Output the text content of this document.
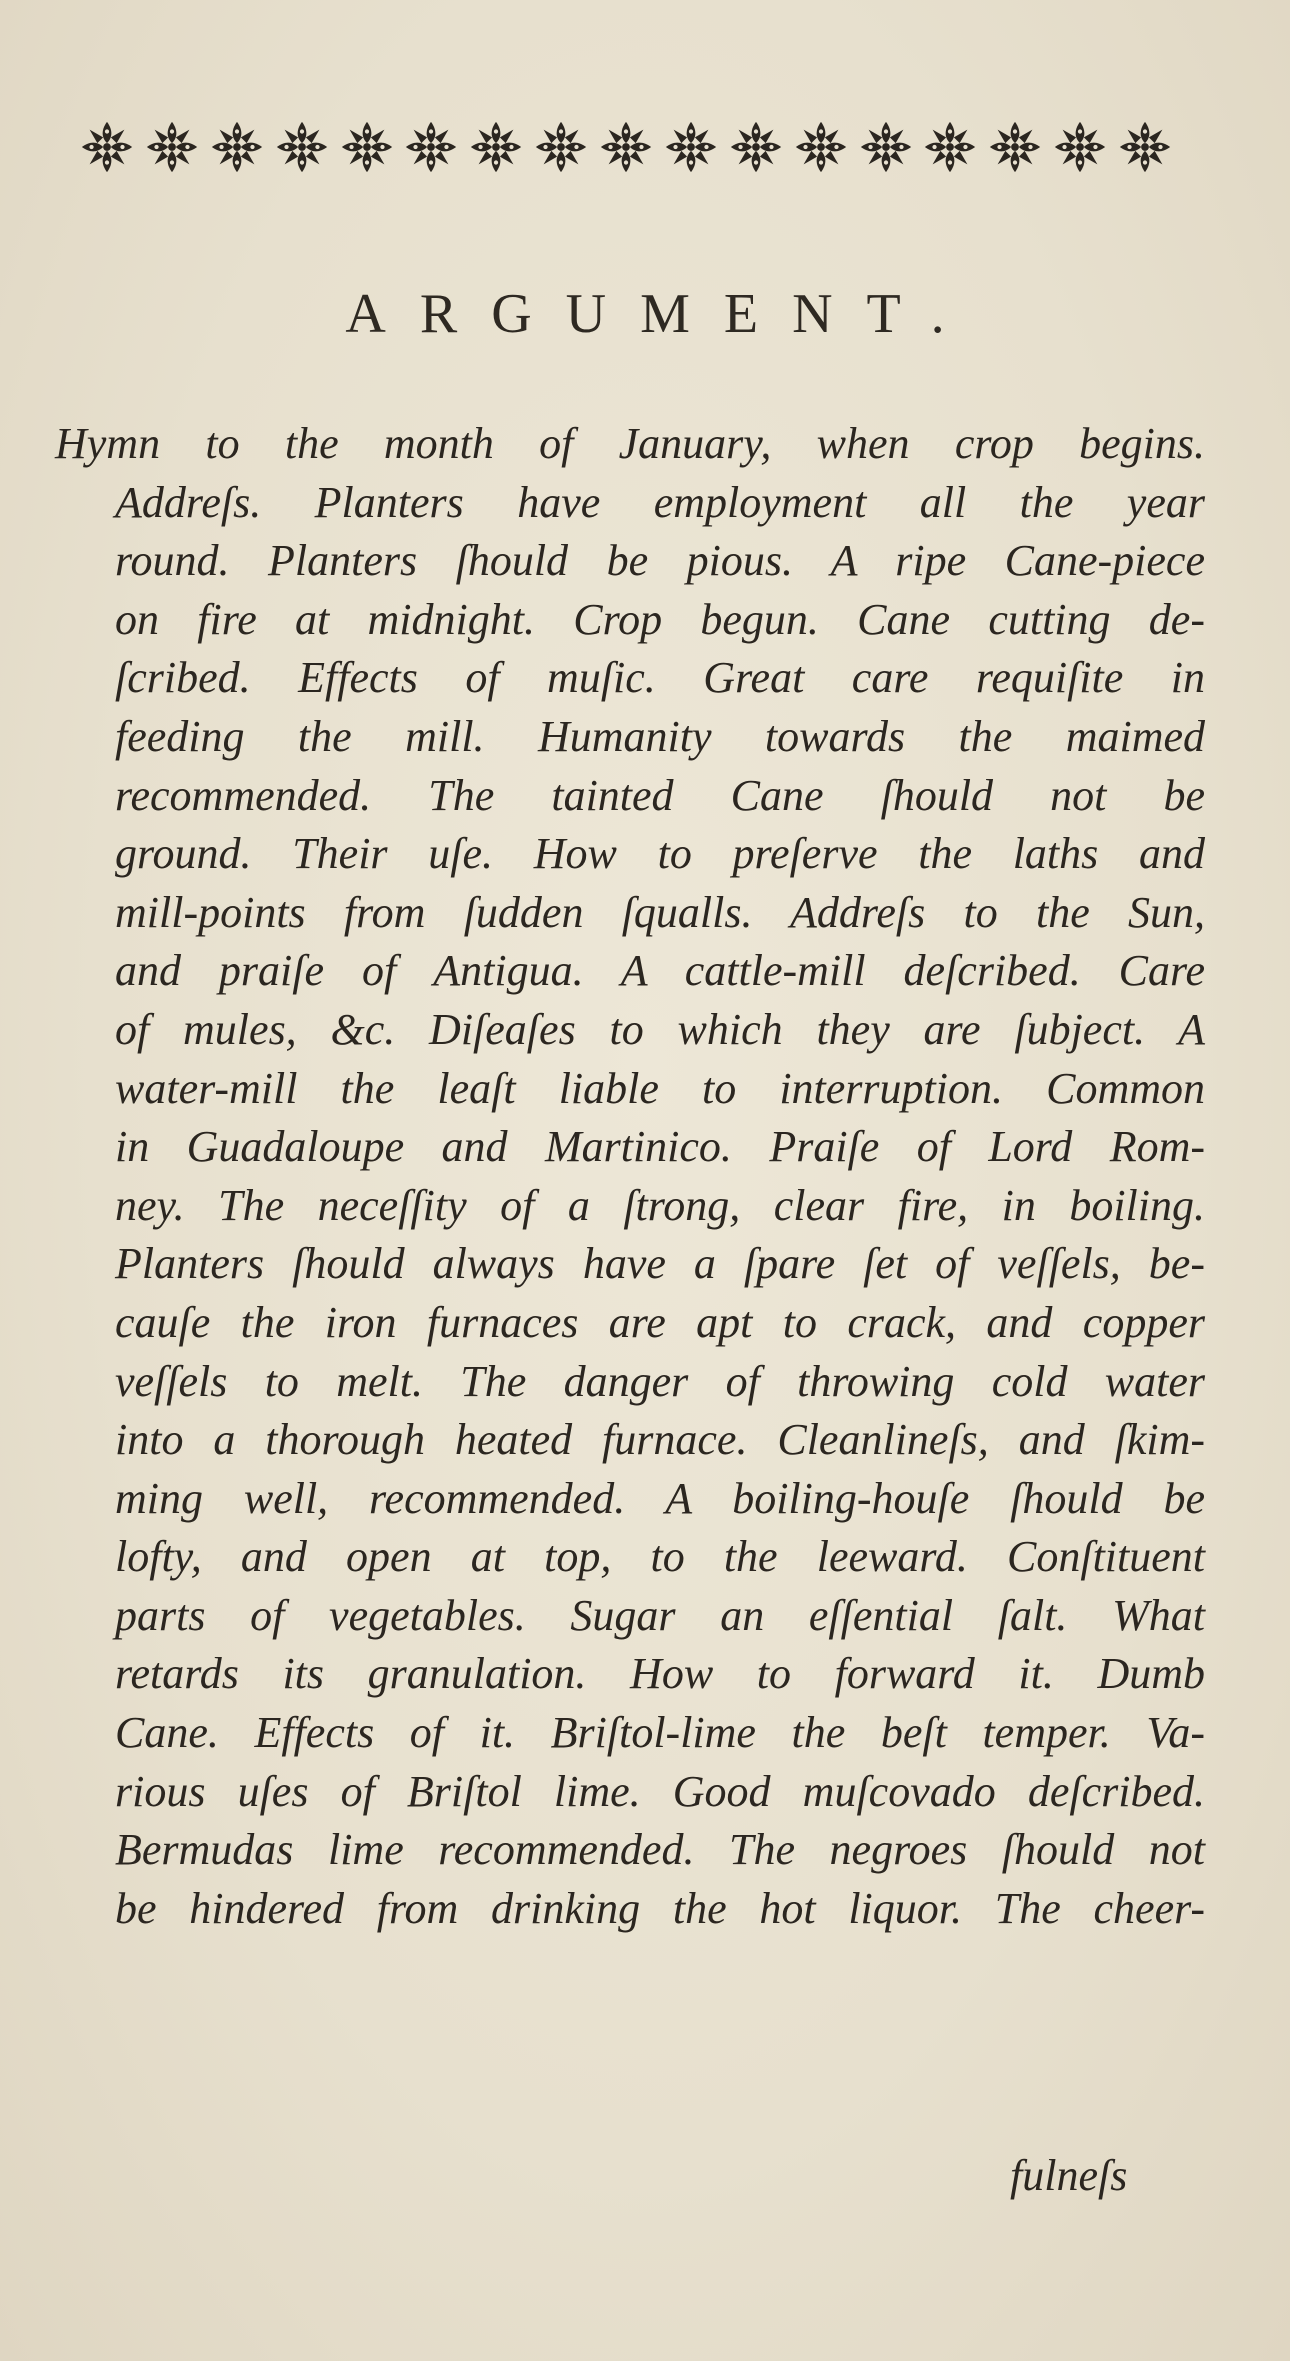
ARGUMENT.
Hymn to the month of January, when crop begins.
Addreſs. Planters have employment all the year
round. Planters ſhould be pious. A ripe Cane-piece
on fire at midnight. Crop begun. Cane cutting de-
ſcribed. Effects of muſic. Great care requiſite in
feeding the mill. Humanity towards the maimed
recommended. The tainted Cane ſhould not be
ground. Their uſe. How to preſerve the laths and
mill-points from ſudden ſqualls. Addreſs to the Sun,
and praiſe of Antigua. A cattle-mill deſcribed. Care
of mules, &c. Diſeaſes to which they are ſubject. A
water-mill the leaſt liable to interruption. Common
in Guadaloupe and Martinico. Praiſe of Lord Rom-
ney. The neceſſity of a ſtrong, clear fire, in boiling.
Planters ſhould always have a ſpare ſet of veſſels, be-
cauſe the iron furnaces are apt to crack, and copper
veſſels to melt. The danger of throwing cold water
into a thorough heated furnace. Cleanlineſs, and ſkim-
ming well, recommended. A boiling-houſe ſhould be
lofty, and open at top, to the leeward. Conſtituent
parts of vegetables. Sugar an eſſential ſalt. What
retards its granulation. How to forward it. Dumb
Cane. Effects of it. Briſtol-lime the beſt temper. Va-
rious uſes of Briſtol lime. Good muſcovado deſcribed.
Bermudas lime recommended. The negroes ſhould not
be hindered from drinking the hot liquor. The cheer-
fulneſs
